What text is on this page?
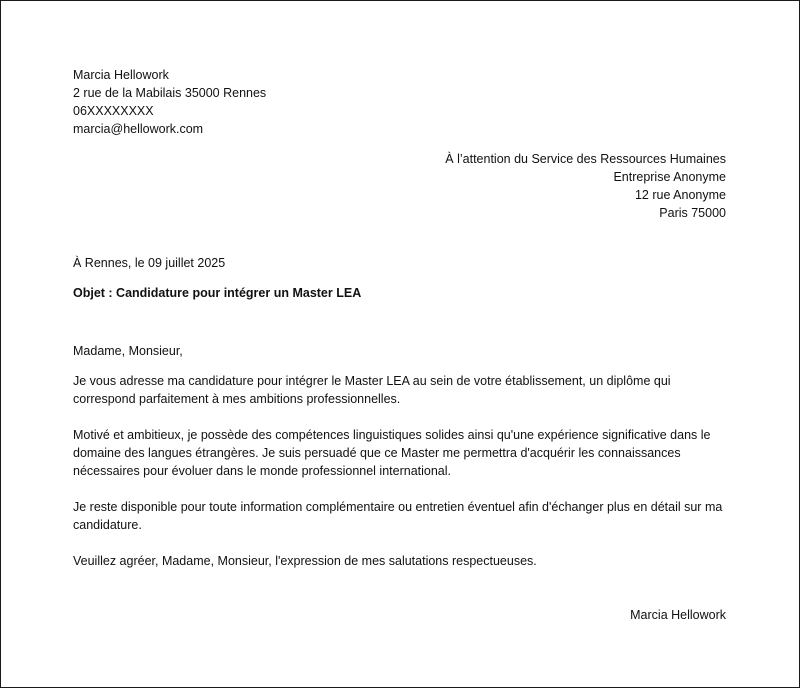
Marcia Hellowork
2 rue de la Mabilais 35000 Rennes
06XXXXXXXX
marcia@hellowork.com
À l’attention du Service des Ressources Humaines
Entreprise Anonyme
12 rue Anonyme
Paris 75000
À Rennes, le 09 juillet 2025
Objet : Candidature pour intégrer un Master LEA

Madame, Monsieur,

Je vous adresse ma candidature pour intégrer le Master LEA au sein de votre établissement, un diplôme qui correspond parfaitement à mes ambitions professionnelles.

Motivé et ambitieux, je possède des compétences linguistiques solides ainsi qu'une expérience significative dans le domaine des langues étrangères. Je suis persuadé que ce Master me permettra d'acquérir les connaissances nécessaires pour évoluer dans le monde professionnel international.

Je reste disponible pour toute information complémentaire ou entretien éventuel afin d'échanger plus en détail sur ma candidature.

Veuillez agréer, Madame, Monsieur, l'expression de mes salutations respectueuses.

Marcia Hellowork
